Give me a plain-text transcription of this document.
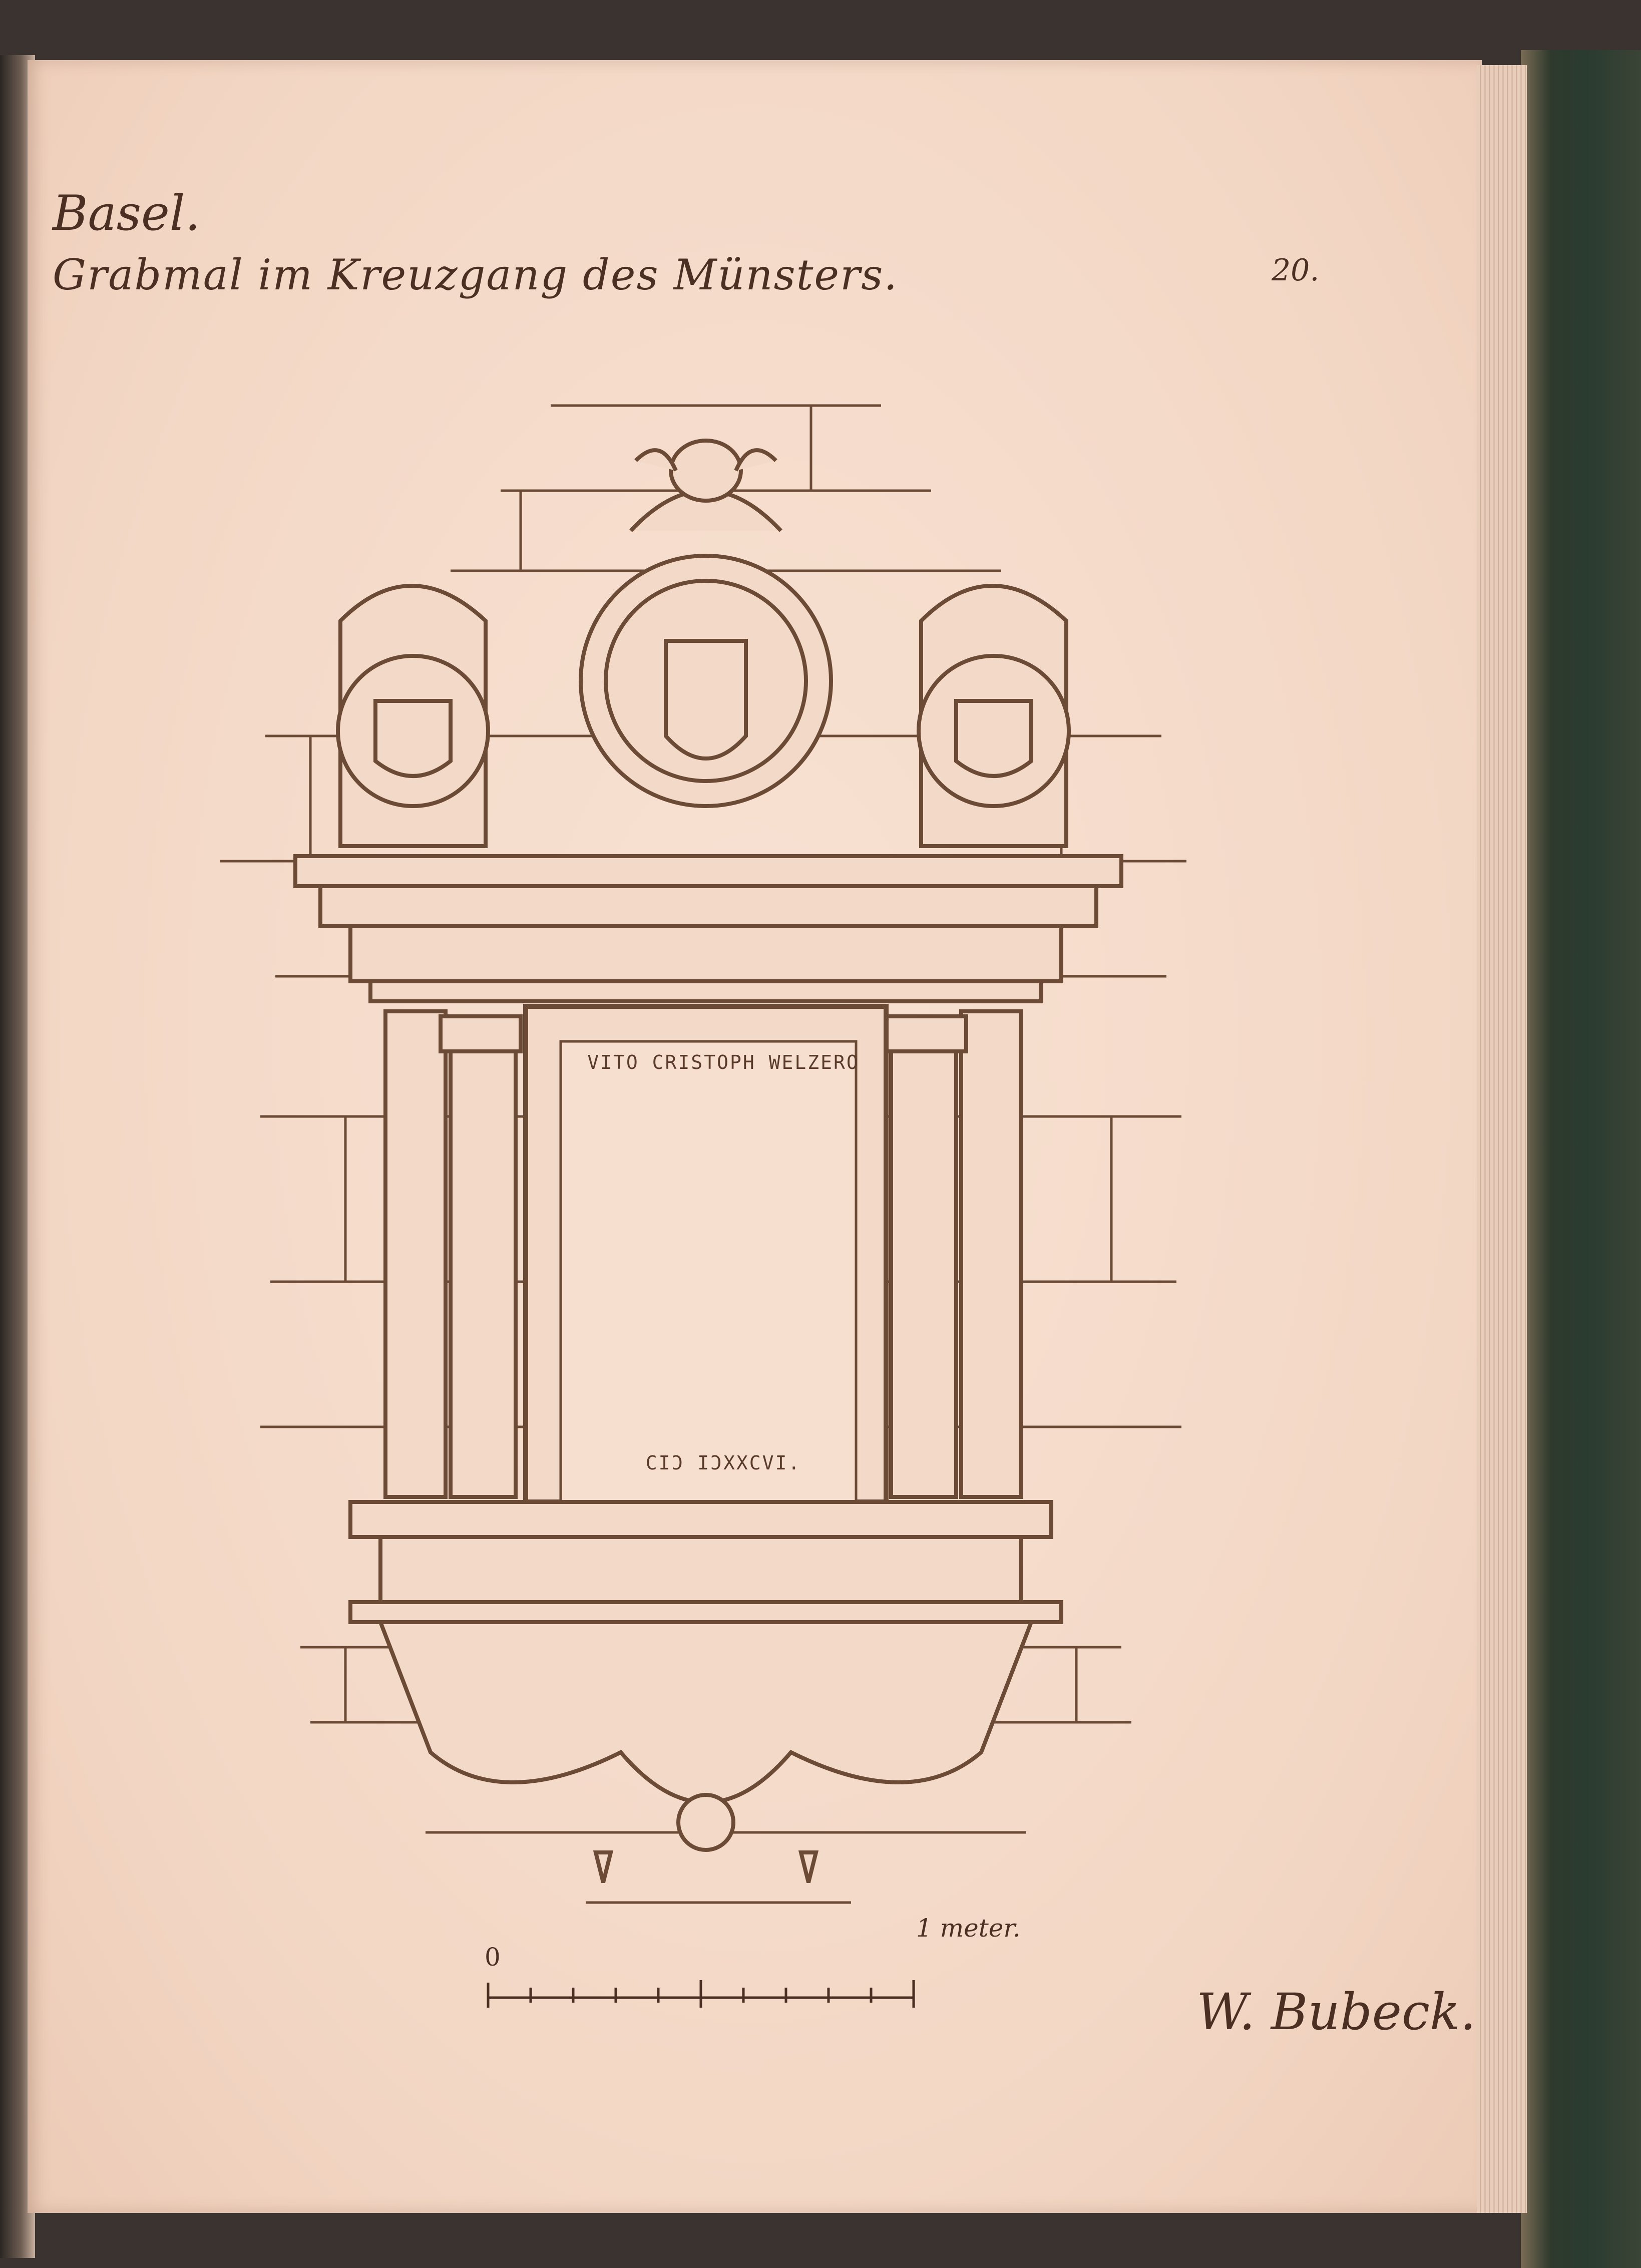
Basel.
Grabmal im Kreuzgang des Münsters.	20.
VITO CRISTOPH WELZERO
CIƆ IƆXXCVI.
0
1 meter.
W. Bubeck.
